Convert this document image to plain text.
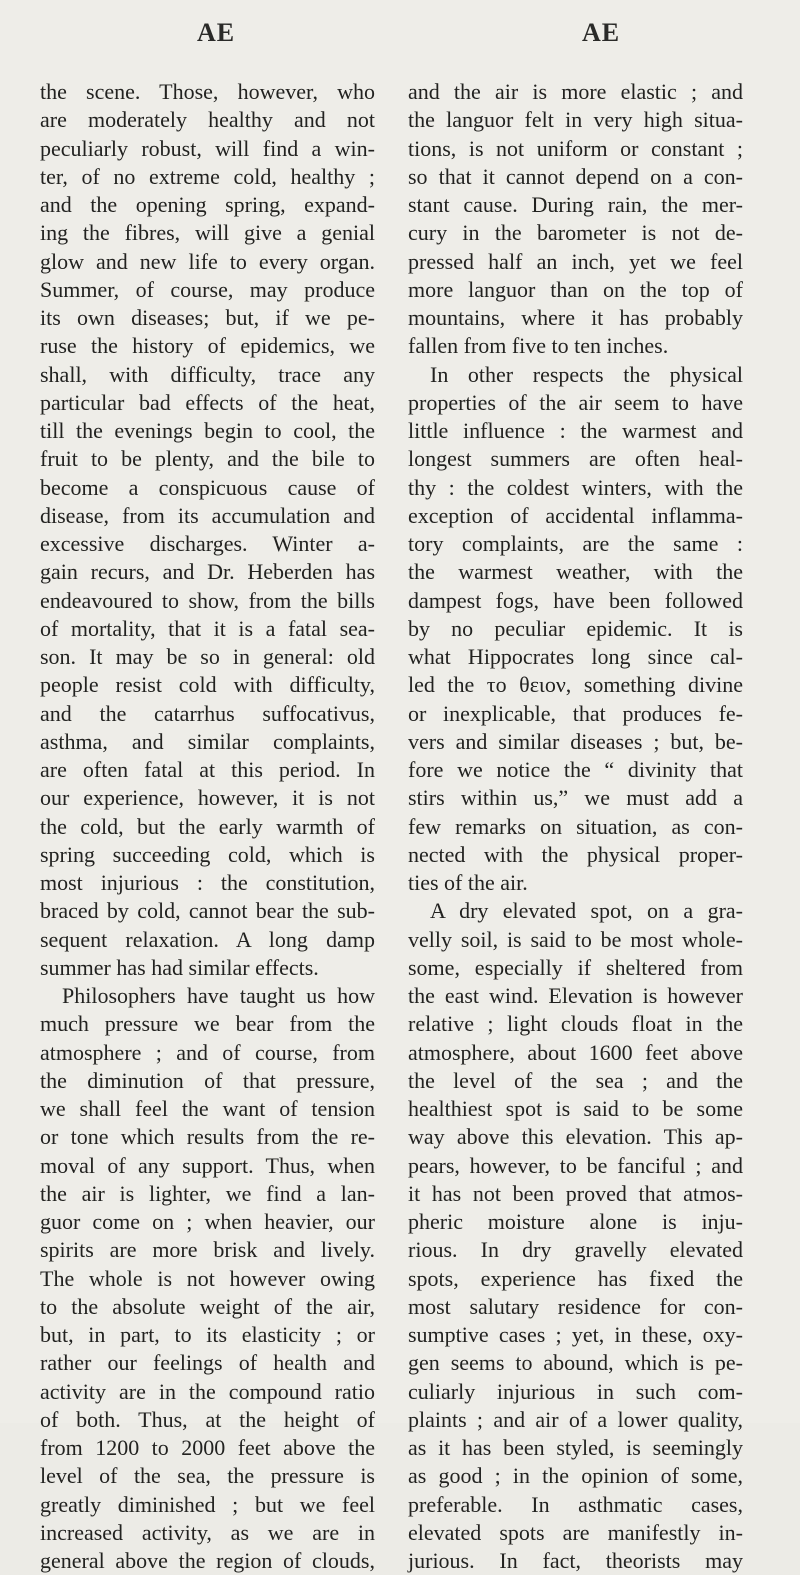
AE	AE
the scene. Those, however, who
are moderately healthy and not
peculiarly robust, will find a win-
ter, of no extreme cold, healthy ;
and the opening spring, expand-
ing the fibres, will give a genial
glow and new life to every organ.
Summer, of course, may produce
its own diseases; but, if we pe-
ruse the history of epidemics, we
shall, with difficulty, trace any
particular bad effects of the heat,
till the evenings begin to cool, the
fruit to be plenty, and the bile to
become a conspicuous cause of
disease, from its accumulation and
excessive discharges. Winter a-
gain recurs, and Dr. Heberden has
endeavoured to show, from the bills
of mortality, that it is a fatal sea-
son. It may be so in general: old
people resist cold with difficulty,
and the catarrhus suffocativus,
asthma, and similar complaints,
are often fatal at this period. In
our experience, however, it is not
the cold, but the early warmth of
spring succeeding cold, which is
most injurious : the constitution,
braced by cold, cannot bear the sub-
sequent relaxation. A long damp
summer has had similar effects.
Philosophers have taught us how
much pressure we bear from the
atmosphere ; and of course, from
the diminution of that pressure,
we shall feel the want of tension
or tone which results from the re-
moval of any support. Thus, when
the air is lighter, we find a lan-
guor come on ; when heavier, our
spirits are more brisk and lively.
The whole is not however owing
to the absolute weight of the air,
but, in part, to its elasticity ; or
rather our feelings of health and
activity are in the compound ratio
of both. Thus, at the height of
from 1200 to 2000 feet above the
level of the sea, the pressure is
greatly diminished ; but we feel
increased activity, as we are in
general above the region of clouds,
and the air is more elastic ; and
the languor felt in very high situa-
tions, is not uniform or constant ;
so that it cannot depend on a con-
stant cause. During rain, the mer-
cury in the barometer is not de-
pressed half an inch, yet we feel
more languor than on the top of
mountains, where it has probably
fallen from five to ten inches.
In other respects the physical
properties of the air seem to have
little influence : the warmest and
longest summers are often heal-
thy : the coldest winters, with the
exception of accidental inflamma-
tory complaints, are the same :
the warmest weather, with the
dampest fogs, have been followed
by no peculiar epidemic. It is
what Hippocrates long since cal-
led the το θειον, something divine
or inexplicable, that produces fe-
vers and similar diseases ; but, be-
fore we notice the “ divinity that
stirs within us,” we must add a
few remarks on situation, as con-
nected with the physical proper-
ties of the air.
A dry elevated spot, on a gra-
velly soil, is said to be most whole-
some, especially if sheltered from
the east wind. Elevation is however
relative ; light clouds float in the
atmosphere, about 1600 feet above
the level of the sea ; and the
healthiest spot is said to be some
way above this elevation. This ap-
pears, however, to be fanciful ; and
it has not been proved that atmos-
pheric moisture alone is inju-
rious. In dry gravelly elevated
spots, experience has fixed the
most salutary residence for con-
sumptive cases ; yet, in these, oxy-
gen seems to abound, which is pe-
culiarly injurious in such com-
plaints ; and air of a lower quality,
as it has been styled, is seemingly
as good ; in the opinion of some,
preferable. In asthmatic cases,
elevated spots are manifestly in-
jurious. In fact, theorists may
